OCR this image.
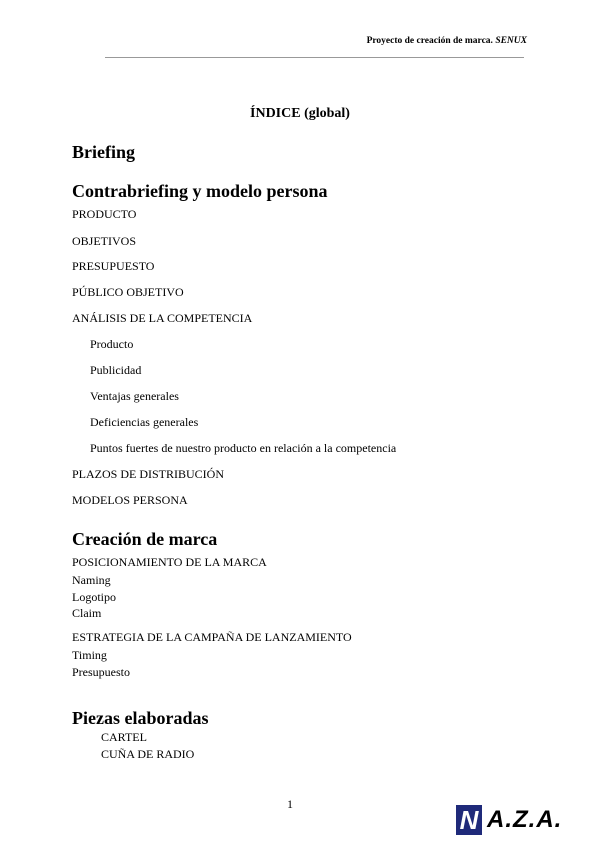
Proyecto de creación de marca. SENUX
ÍNDICE (global)
Briefing
Contrabriefing y modelo persona
PRODUCTO
OBJETIVOS
PRESUPUESTO
PÚBLICO OBJETIVO
ANÁLISIS DE LA COMPETENCIA
Producto
Publicidad
Ventajas generales
Deficiencias generales
Puntos fuertes de nuestro producto en relación a la competencia
PLAZOS DE DISTRIBUCIÓN
MODELOS PERSONA
Creación de marca
POSICIONAMIENTO DE LA MARCA
Naming
Logotipo
Claim
ESTRATEGIA DE LA CAMPAÑA DE LANZAMIENTO
Timing
Presupuesto
Piezas elaboradas
CARTEL
CUÑA DE RADIO
1
N A.Z.A.
